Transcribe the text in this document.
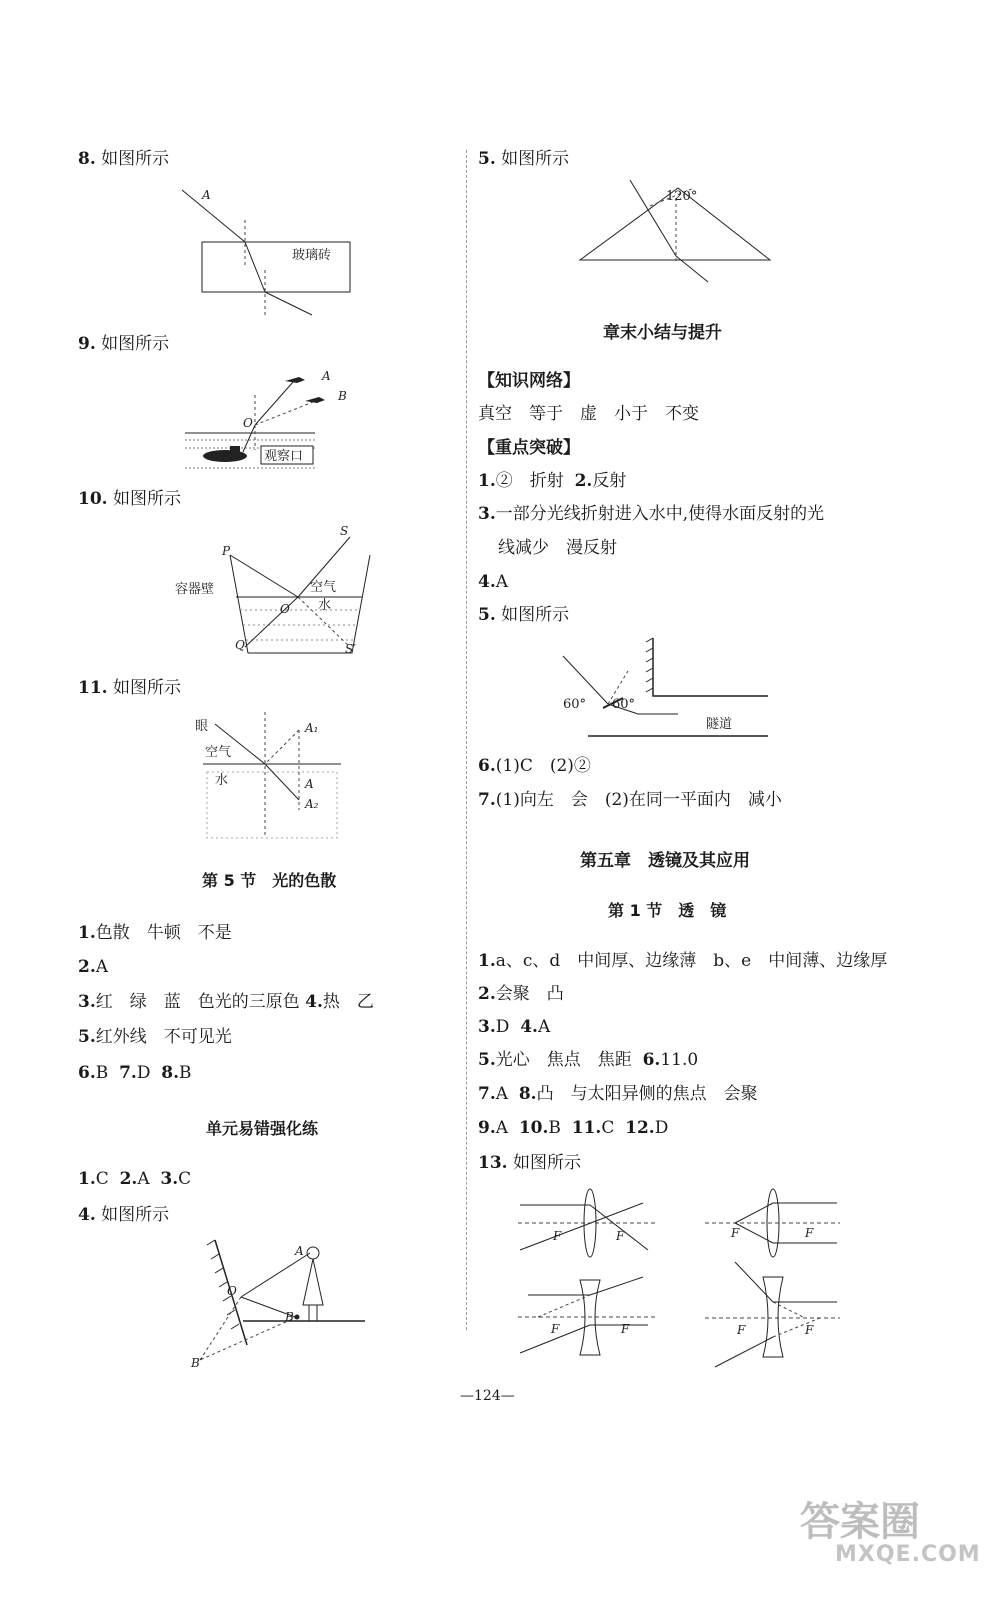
8. 如图所示
A
玻璃砖
9. 如图所示
A
B
O
观察口
10. 如图所示
P
S
Q
O
S′
容器壁	空气
水
11. 如图所示
眼
空气
水
A₁
A
A₂
第 5 节　光的色散
1.色散　牛顿　不是
2.A
3.红　绿　蓝　色光的三原色 4.热　乙
5.红外线　不可见光
6.B 7.D 8.B
单元易错强化练
1.C 2.A 3.C
4. 如图所示
A
O
B
B′
5. 如图所示
120°
章末小结与提升
【知识网络】
真空　等于　虚　小于　不变
【重点突破】
1.②　折射 2.反射
3.一部分光线折射进入水中,使得水面反射的光
线减少　漫反射
4.A
5. 如图所示
60° 60°
隧道
6.(1)C　(2)②
7.(1)向左　会　(2)在同一平面内　减小
第五章　透镜及其应用
第 1 节　透　镜
1.a、c、d　中间厚、边缘薄　b、e　中间薄、边缘厚
2.会聚　凸
3.D 4.A
5.光心　焦点　焦距 6.11.0
7.A 8.凸　与太阳异侧的焦点　会聚
9.A 10.B 11.C 12.D
13. 如图所示
F	F	F	F
F	F	F	F
—124—
答案圈
MXQE.COM
